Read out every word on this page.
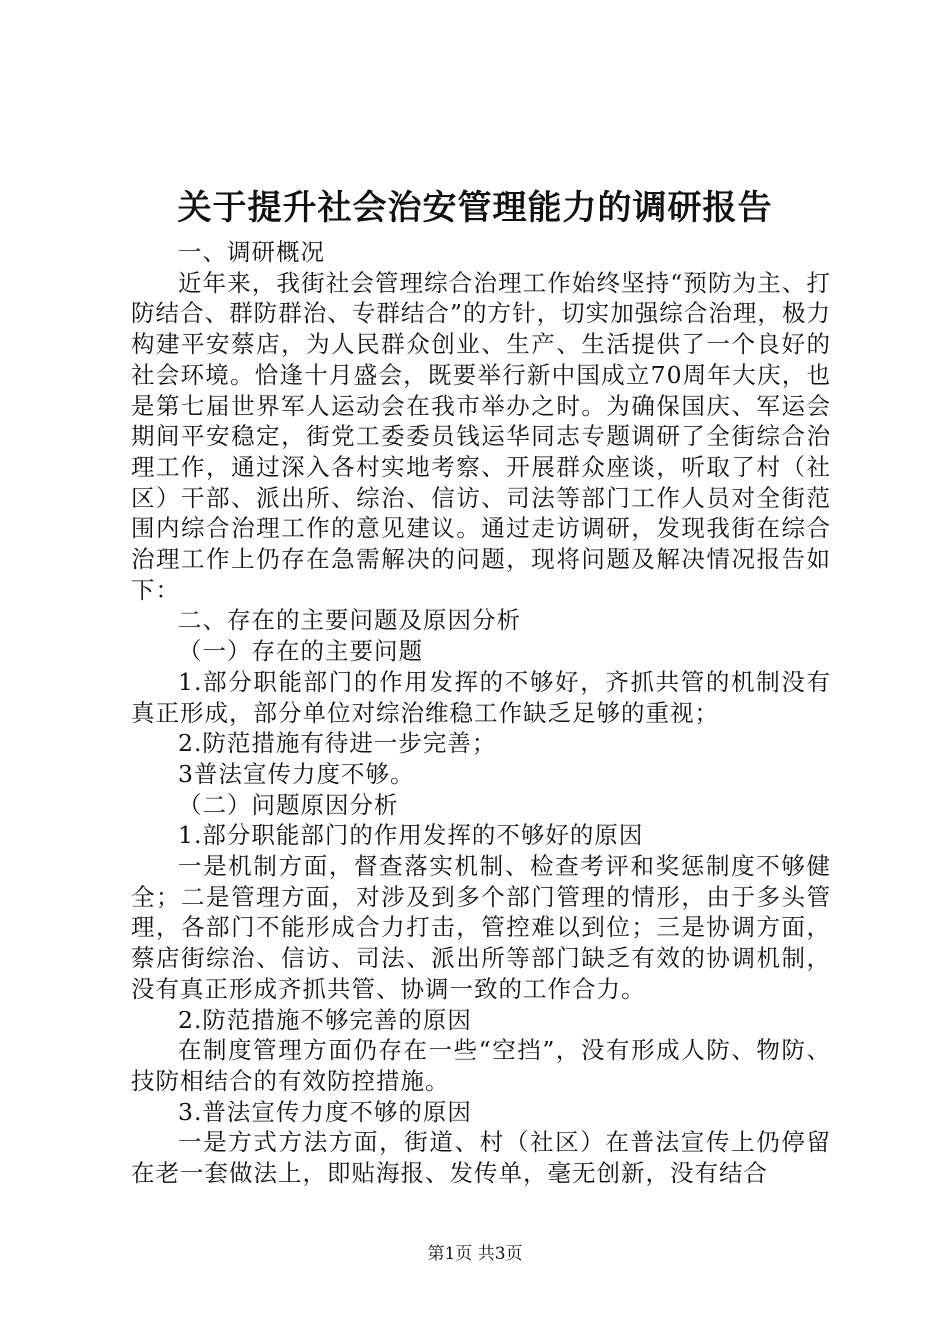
关于提升社会治安管理能力的调研报告

一、调研概况

近年来，我街社会管理综合治理工作始终坚持“预防为主、打防结合、群防群治、专群结合”的方针，切实加强综合治理，极力构建平安蔡店，为人民群众创业、生产、生活提供了一个良好的社会环境。恰逢十月盛会，既要举行新中国成立70周年大庆，也是第七届世界军人运动会在我市举办之时。为确保国庆、军运会期间平安稳定，街党工委委员钱运华同志专题调研了全街综合治理工作，通过深入各村实地考察、开展群众座谈，听取了村（社区）干部、派出所、综治、信访、司法等部门工作人员对全街范围内综合治理工作的意见建议。通过走访调研，发现我街在综合治理工作上仍存在急需解决的问题，现将问题及解决情况报告如下：

二、存在的主要问题及原因分析

（一）存在的主要问题

1.部分职能部门的作用发挥的不够好，齐抓共管的机制没有真正形成，部分单位对综治维稳工作缺乏足够的重视；

2.防范措施有待进一步完善；

3普法宣传力度不够。

（二）问题原因分析

1.部分职能部门的作用发挥的不够好的原因

一是机制方面，督查落实机制、检查考评和奖惩制度不够健全；二是管理方面，对涉及到多个部门管理的情形，由于多头管理，各部门不能形成合力打击，管控难以到位；三是协调方面，蔡店街综治、信访、司法、派出所等部门缺乏有效的协调机制，没有真正形成齐抓共管、协调一致的工作合力。

2.防范措施不够完善的原因

在制度管理方面仍存在一些“空挡”，没有形成人防、物防、技防相结合的有效防控措施。

3.普法宣传力度不够的原因

一是方式方法方面，街道、村（社区）在普法宣传上仍停留在老一套做法上，即贴海报、发传单，毫无创新，没有结合

第1页 共3页
